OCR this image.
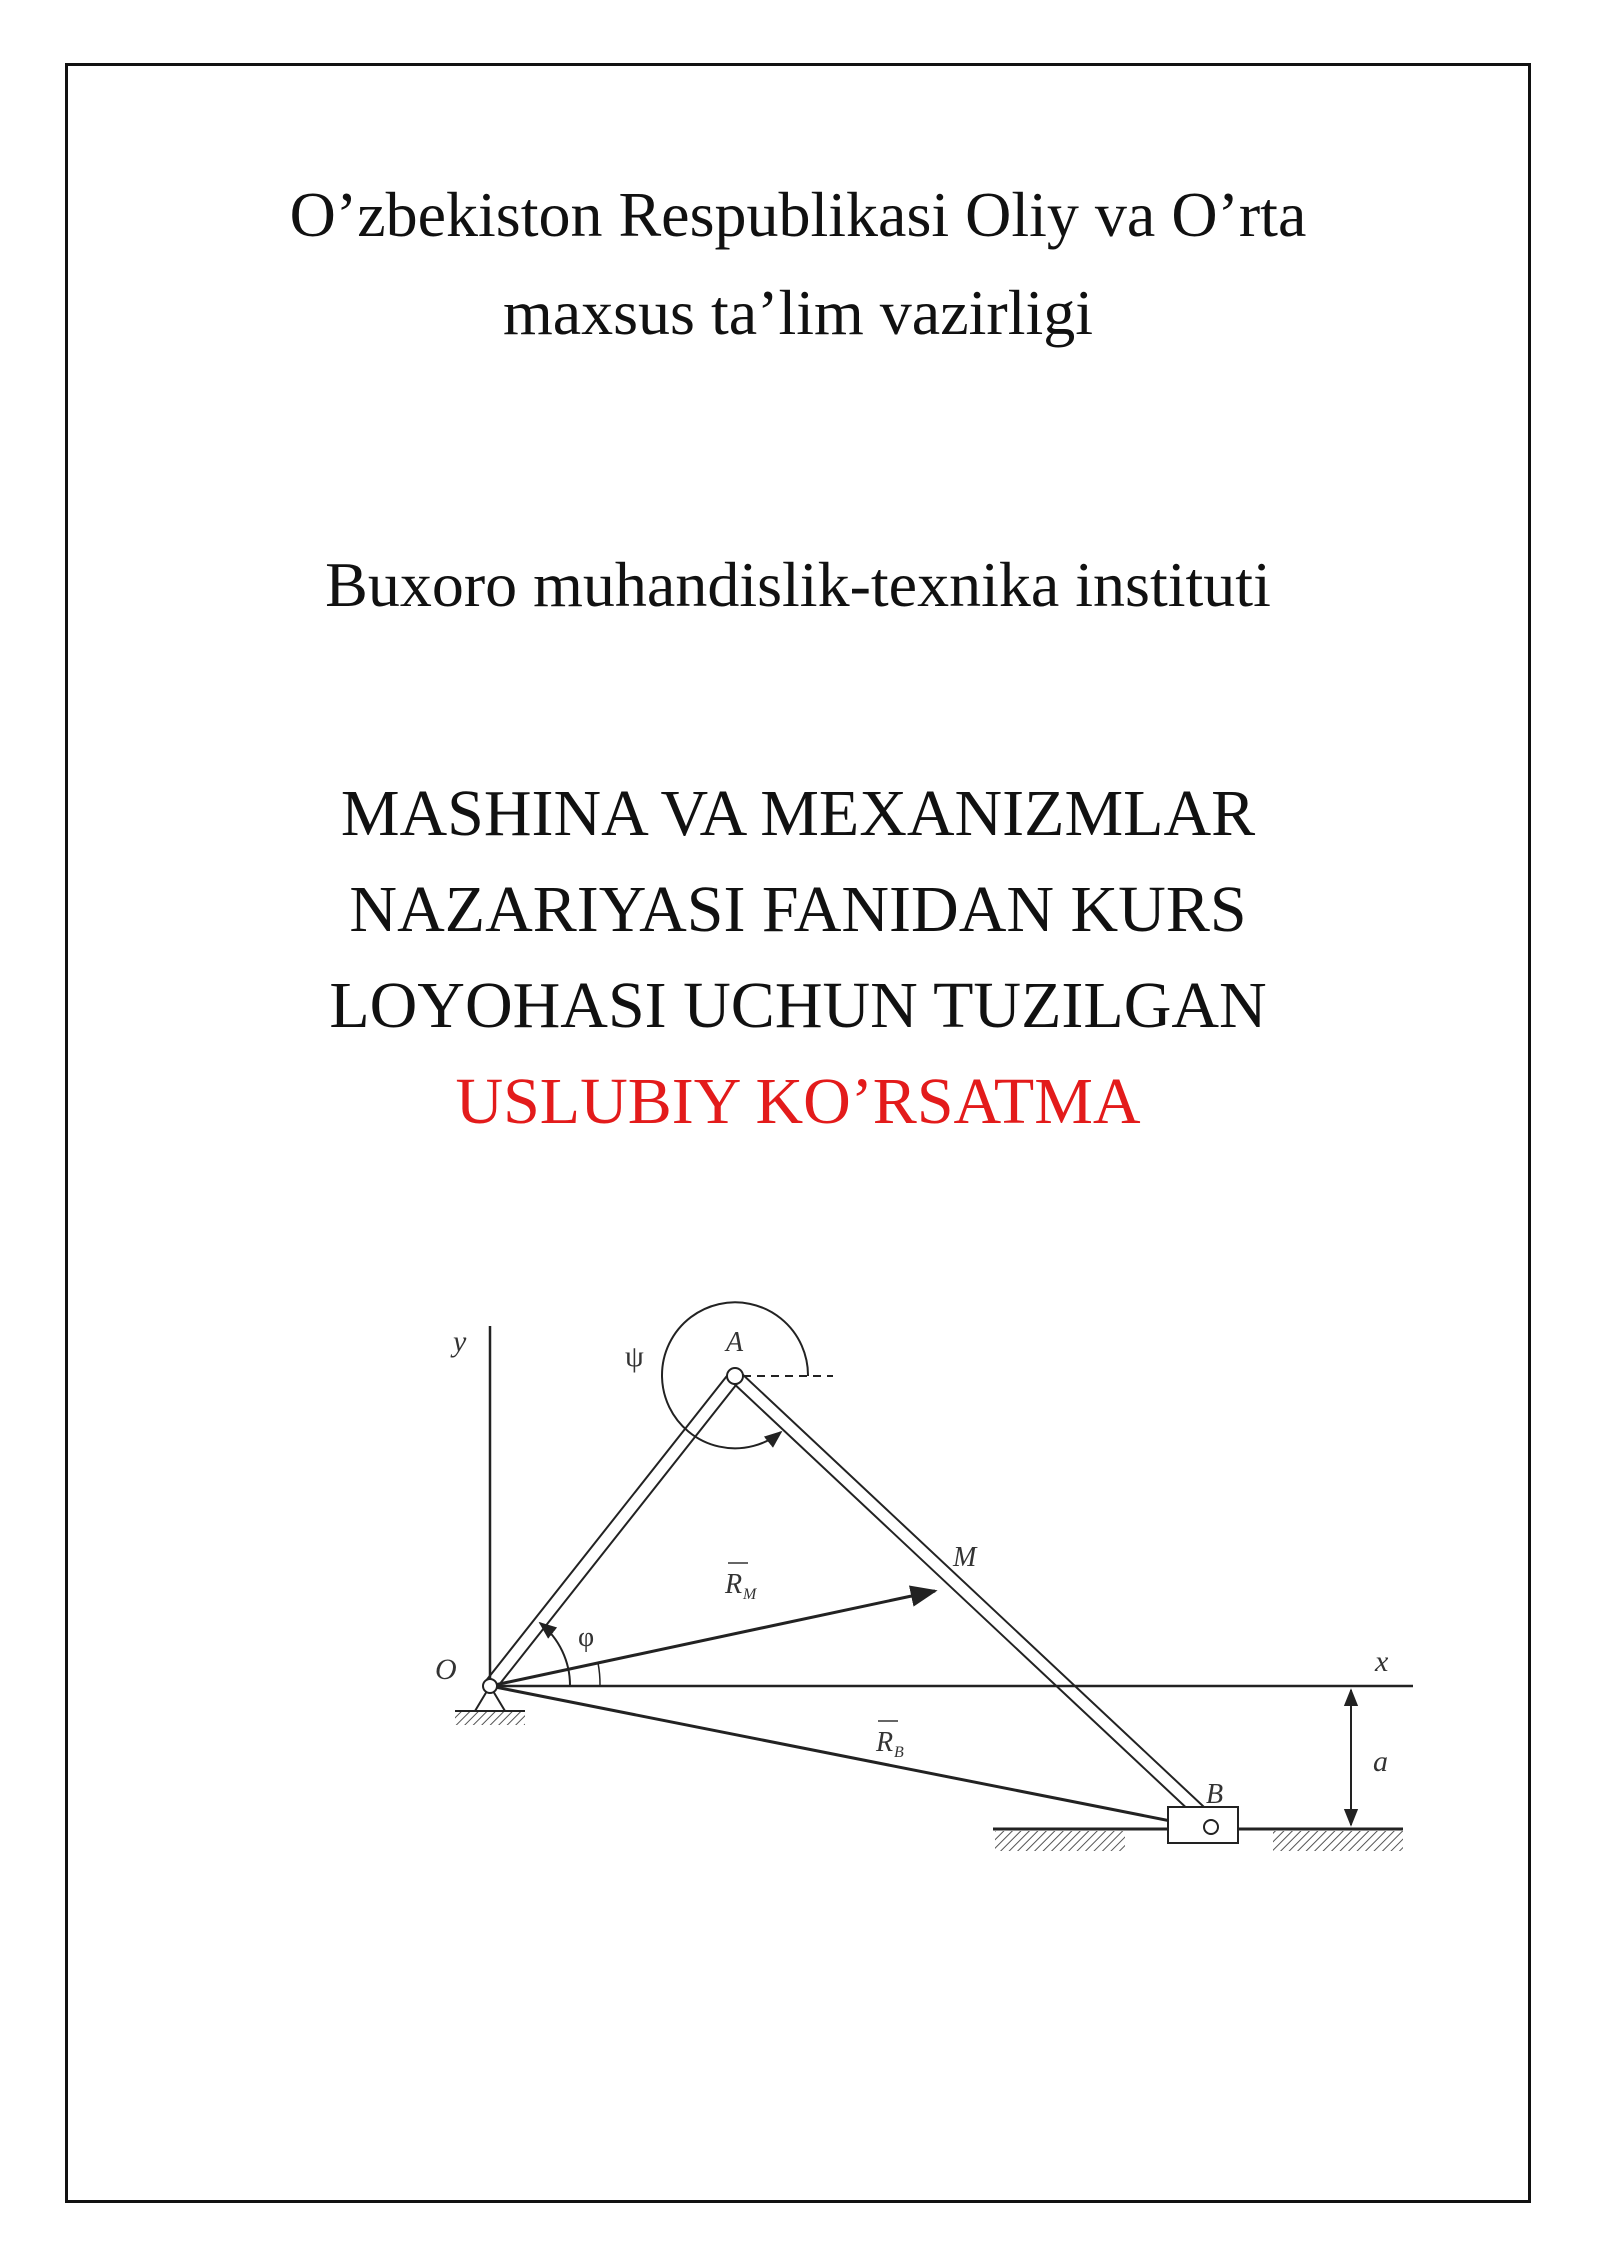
O’zbekiston Respublikasi Oliy va O’rta
maxsus ta’lim vazirligi
Buxoro muhandislik-texnika instituti
MASHINA VA MEXANIZMLAR
NAZARIYASI FANIDAN KURS
LOYOHASI UCHUN TUZILGAN
USLUBIY KO’RSATMA
y
x
O
A
M
B
a
ψ
φ
R M
R B
